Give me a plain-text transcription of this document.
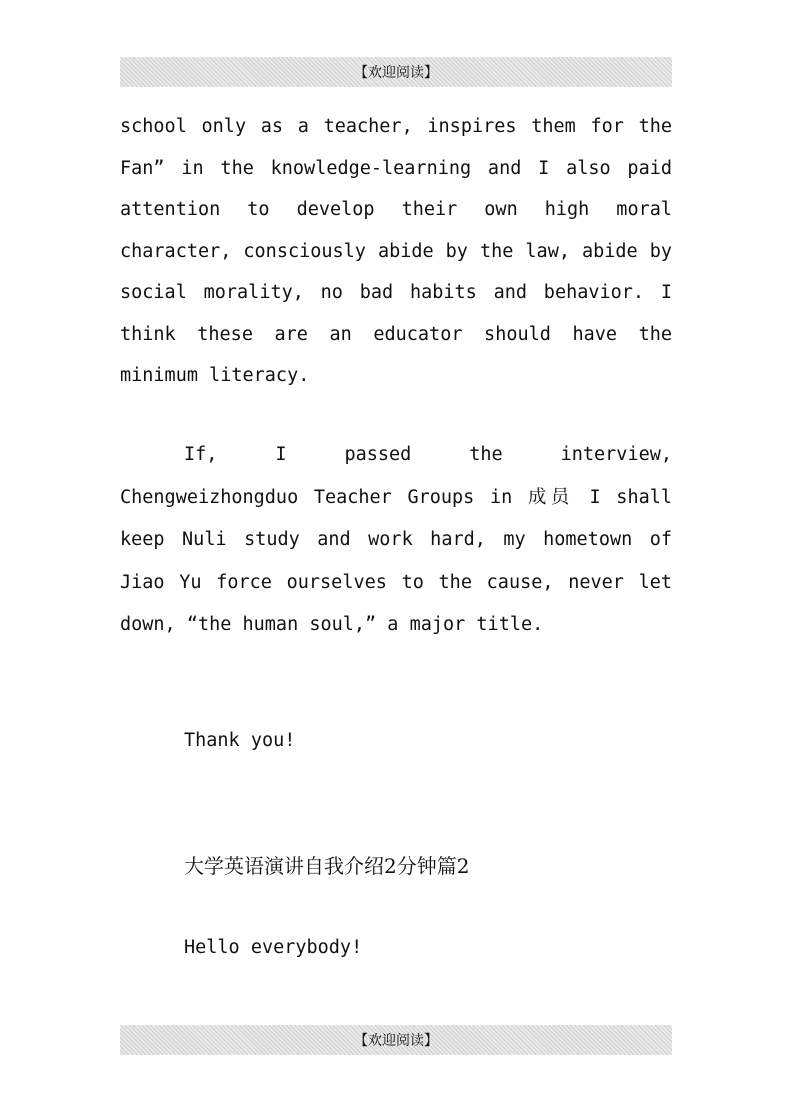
【欢迎阅读】

school only as a teacher, inspires them for the Fan” in the knowledge-learning and I also paid attention to develop their own high moral character, consciously abide by the law, abide by social morality, no bad habits and behavior. I think these are an educator should have the minimum literacy.

If, I passed the interview, Chengweizhongduo Teacher Groups in 成员 I shall keep Nuli study and work hard, my hometown of Jiao Yu force ourselves to the cause, never let down, “the human soul,” a major title.

Thank you!

大学英语演讲自我介绍2分钟篇2

Hello everybody!

【欢迎阅读】
